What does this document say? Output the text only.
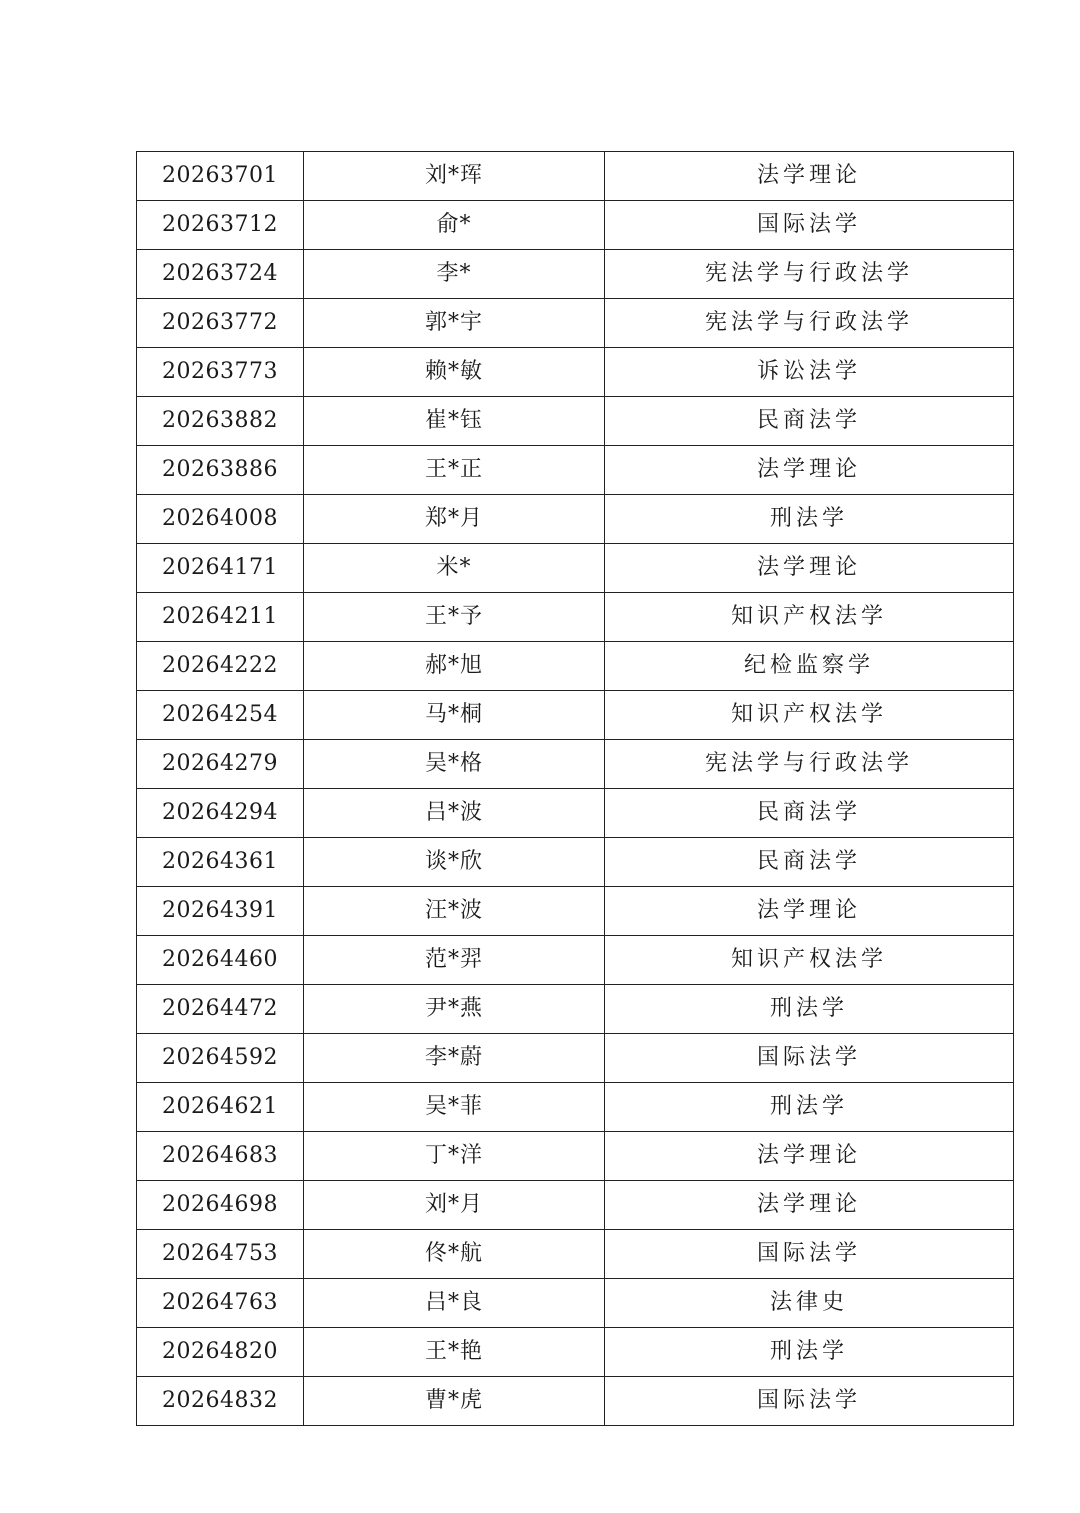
20263701	刘*珲	法学理论
20263712	俞*	国际法学
20263724	李*	宪法学与行政法学
20263772	郭*宇	宪法学与行政法学
20263773	赖*敏	诉讼法学
20263882	崔*钰	民商法学
20263886	王*正	法学理论
20264008	郑*月	刑法学
20264171	米*	法学理论
20264211	王*予	知识产权法学
20264222	郝*旭	纪检监察学
20264254	马*桐	知识产权法学
20264279	吴*格	宪法学与行政法学
20264294	吕*波	民商法学
20264361	谈*欣	民商法学
20264391	汪*波	法学理论
20264460	范*羿	知识产权法学
20264472	尹*燕	刑法学
20264592	李*蔚	国际法学
20264621	吴*菲	刑法学
20264683	丁*洋	法学理论
20264698	刘*月	法学理论
20264753	佟*航	国际法学
20264763	吕*良	法律史
20264820	王*艳	刑法学
20264832	曹*虎	国际法学
